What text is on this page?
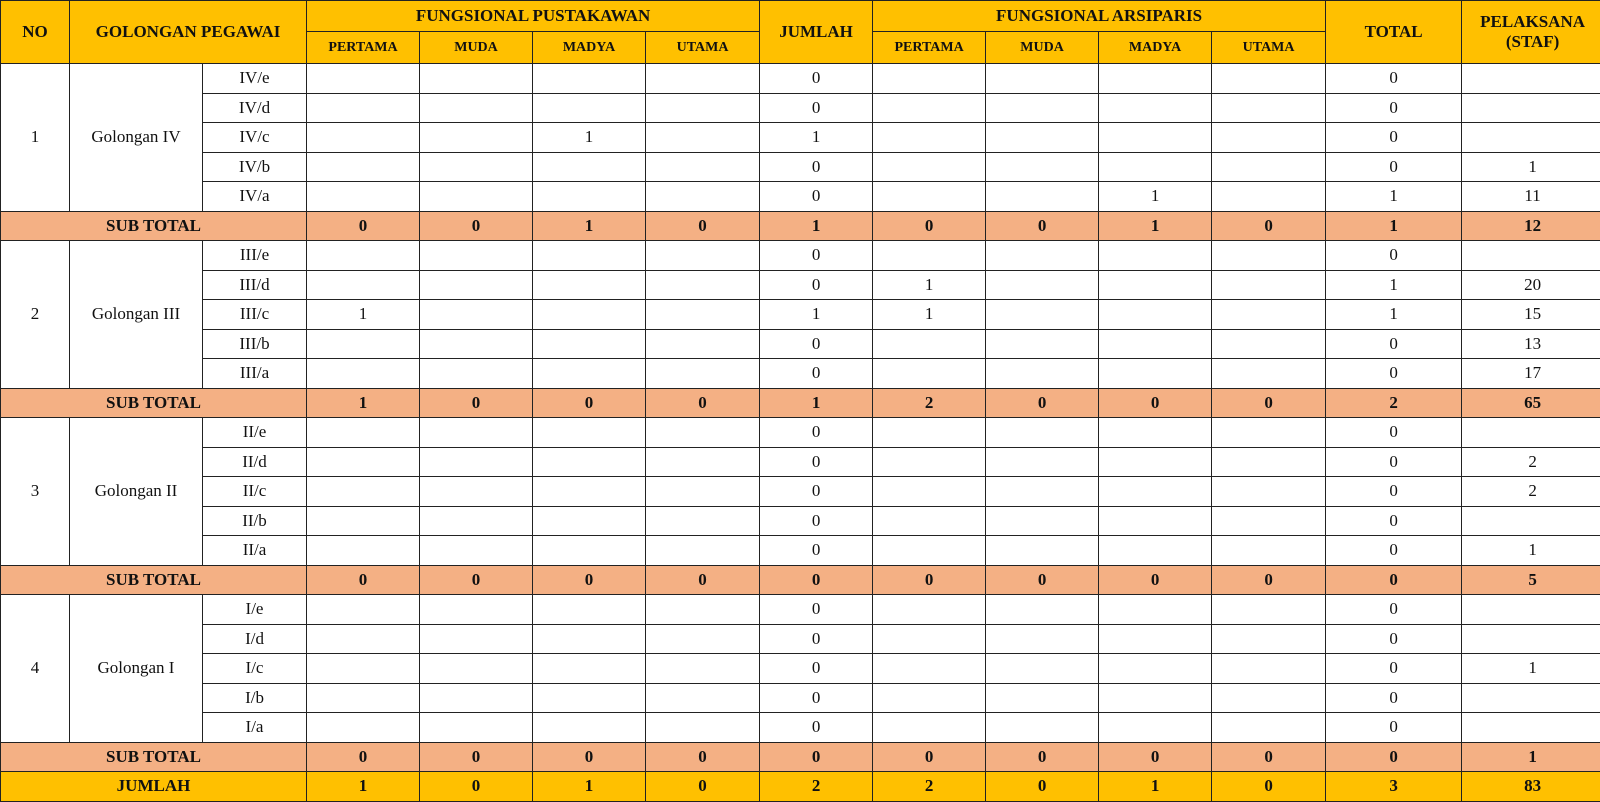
NO	GOLONGAN PEGAWAI		FUNGSIONAL PUSTAKAWAN				JUMLAH	FUNGSIONAL ARSIPARIS				TOTAL	PELAKSANA (STAF)
			PERTAMA	MUDA	MADYA	UTAMA		PERTAMA	MUDA	MADYA	UTAMA		
1	Golongan IV	IV/e					0					0	
		IV/d					0					0	
		IV/c			1		1					0	
		IV/b					0					0	1
		IV/a					0			1		1	11
SUB TOTAL			0	0	1	0	1	0	0	1	0	1	12
2	Golongan III	III/e					0					0	
		III/d					0	1				1	20
		III/c	1				1	1				1	15
		III/b					0					0	13
		III/a					0					0	17
SUB TOTAL			1	0	0	0	1	2	0	0	0	2	65
3	Golongan II	II/e					0					0	
		II/d					0					0	2
		II/c					0					0	2
		II/b					0					0	
		II/a					0					0	1
SUB TOTAL			0	0	0	0	0	0	0	0	0	0	5
4	Golongan I	I/e					0					0	
		I/d					0					0	
		I/c					0					0	1
		I/b					0					0	
		I/a					0					0	
SUB TOTAL			0	0	0	0	0	0	0	0	0	0	1
JUMLAH			1	0	1	0	2	2	0	1	0	3	83
